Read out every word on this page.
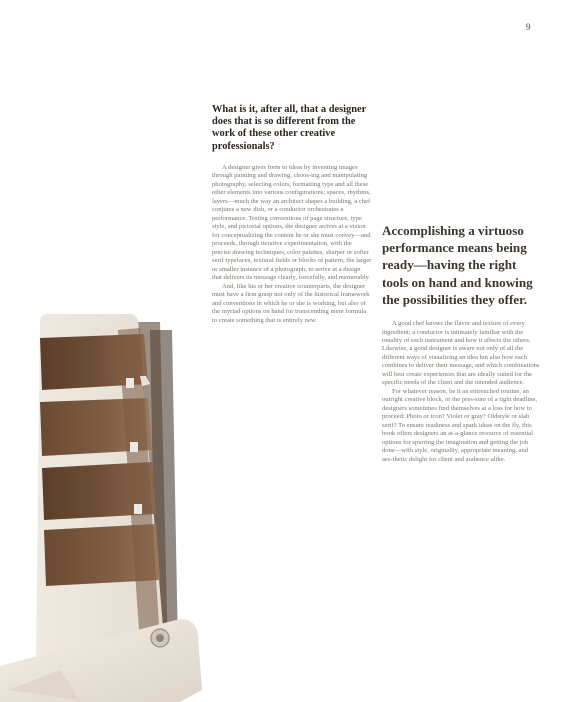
9
What is it, after all, that a designer does that is so different from the work of these other creative professionals?

A designer gives form to ideas by inventing images through painting and drawing, choos-ing and manipulating photography, selecting colors, formatting type and all these other elements into various configurations; spaces, rhythms, layers—much the way an architect shapes a building, a chef conjures a new dish, or a conductor orchestrates a performance. Testing conventions of page structure, type style, and pictorial options, the designer arrives at a vision for conceptualizing the content he or she must convey—and proceeds, through iterative experimentation, with the precise drawing techniques, color palettes, sharper or softer serif typefaces, textural fields or blocks of pattern, the larger or smaller instance of a photograph, to arrive at a design that delivers its message clearly, forcefully, and memorably.

And, like his or her creative counterparts, the designer must have a firm grasp not only of the historical framework and conventions in which he or she is working, but also of the myriad options on hand for transcending mere formula to create something that is entirely new.

Accomplishing a virtuoso performance means being ready—having the right tools on hand and knowing the possibilities they offer.

A good chef knows the flavor and texture of every ingredient; a conductor is intimately familiar with the tonality of each instrument and how it affects the others. Likewise, a good designer is aware not only of all the different ways of visualizing an idea but also how each combines to deliver their message, and which combinations will best create experiences that are ideally suited for the specific needs of the client and the intended audience.

For whatever reason, be it an entrenched routine, an outright creative block, or the pres-sure of a tight deadline, designers sometimes find themselves at a loss for how to proceed: Photo or icon? Violet or gray? Oldstyle or slab serif? To ensure readiness and spark ideas on the fly, this book offers designers an at-a-glance resource of essential options for spurring the imagination and getting the job done—with style, originality, appropriate meaning, and aes-thetic delight for client and audience alike.
